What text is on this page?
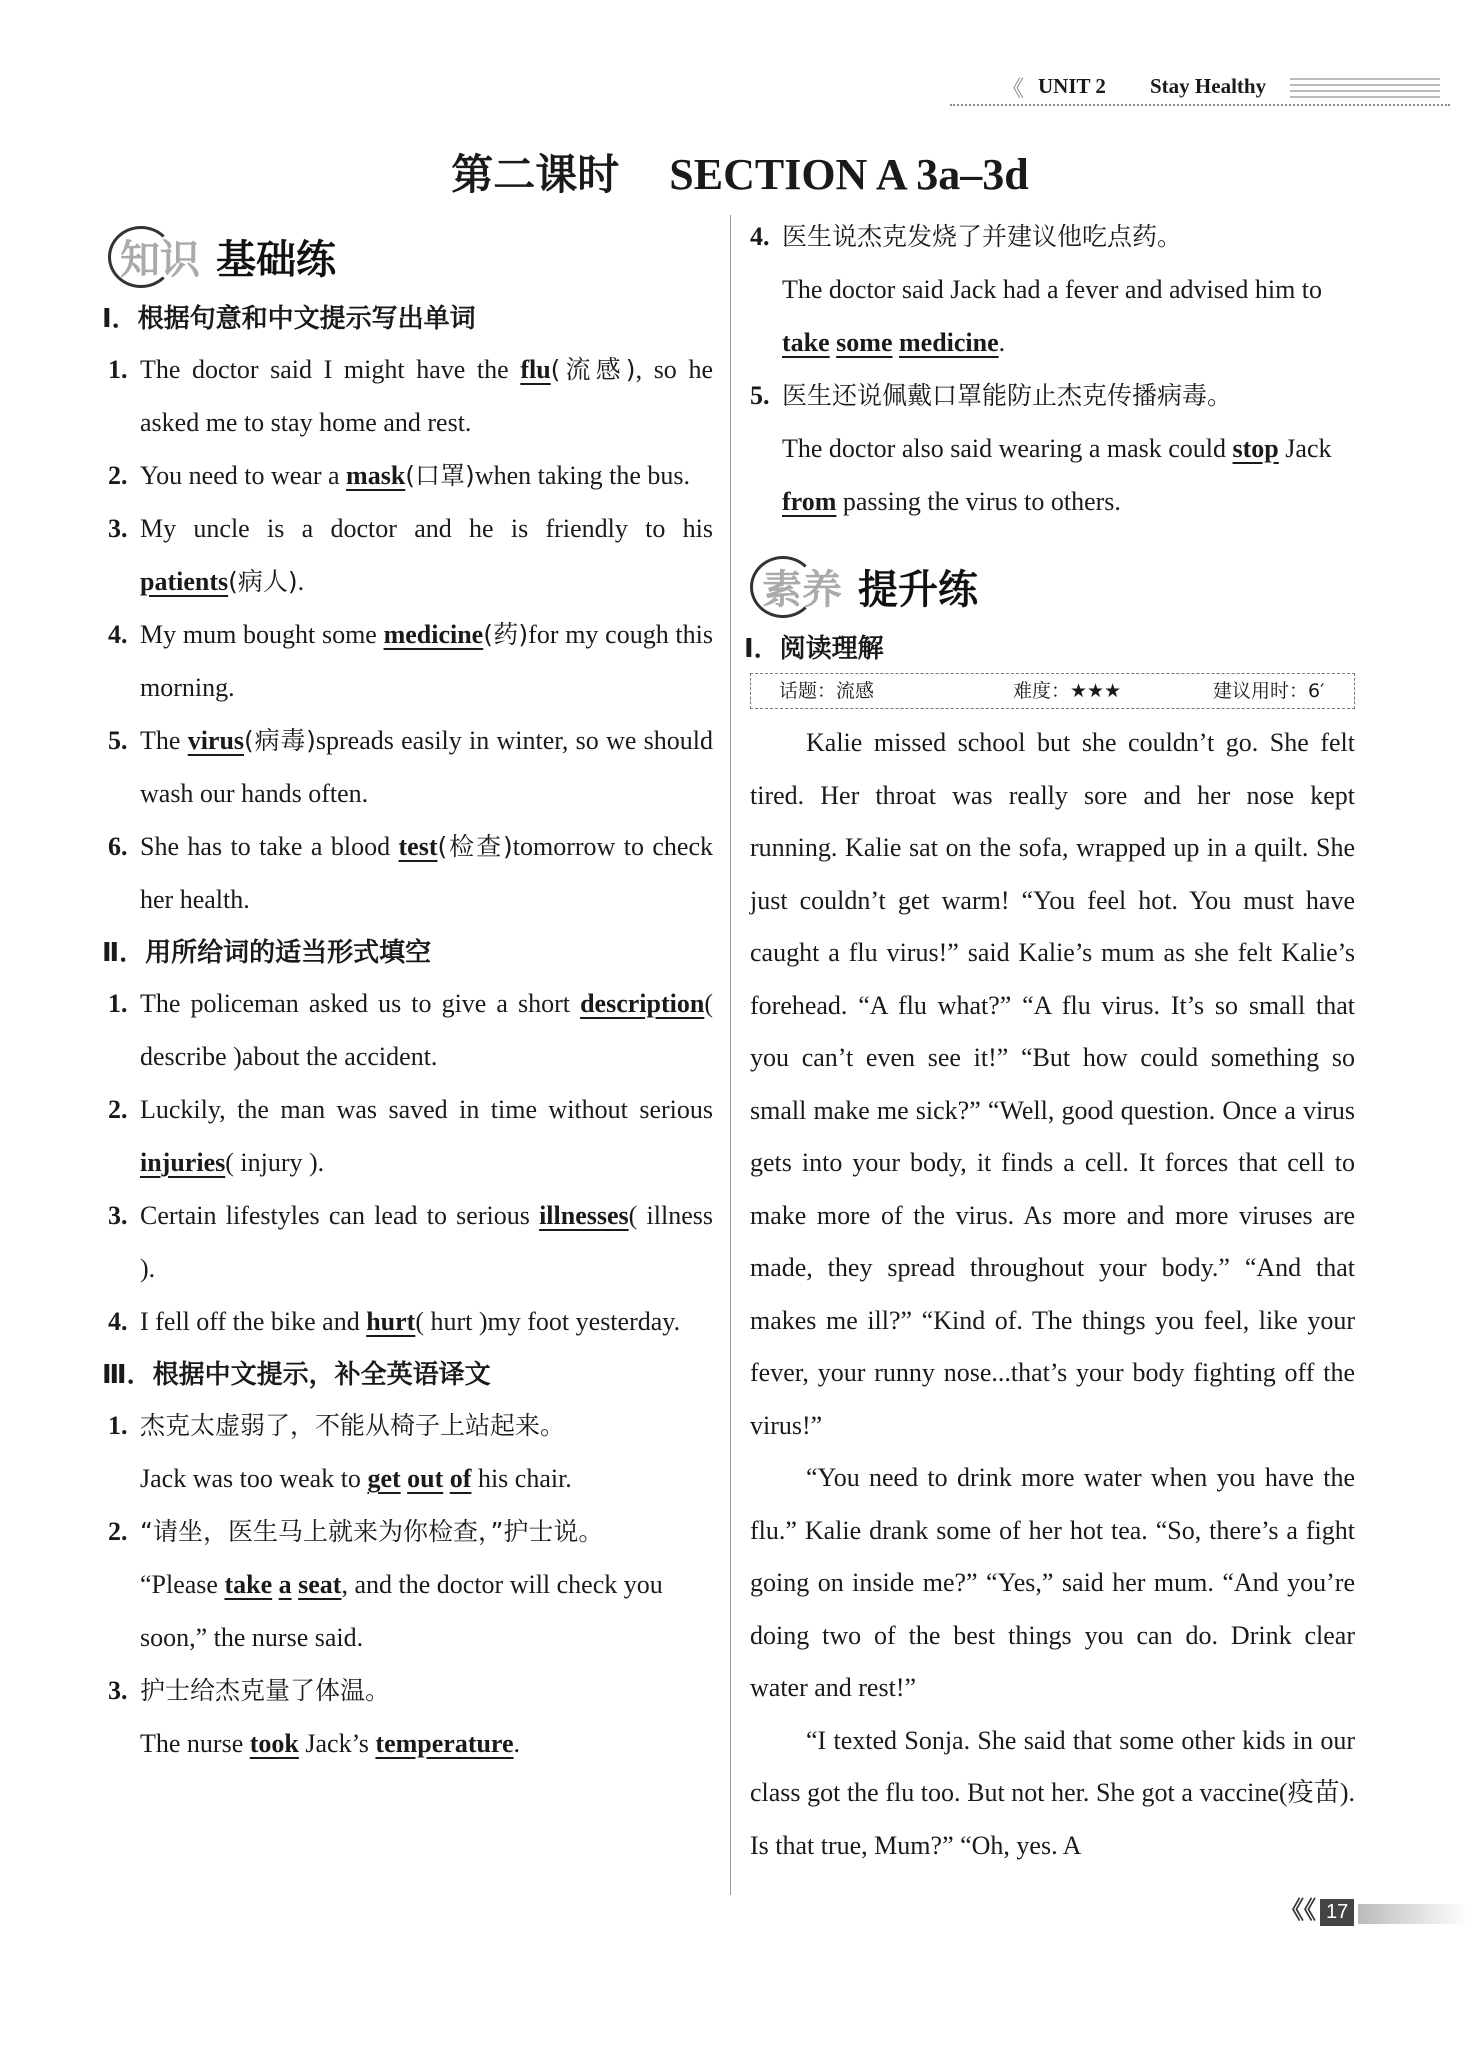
《 UNIT 2 Stay Healthy
第二课时 SECTION A 3a–3d
知识 基础练
Ⅰ．根据句意和中文提示写出单词
1. The doctor said I might have the flu(流感), so he asked me to stay home and rest.
2. You need to wear a mask(口罩)when taking the bus.
3. My uncle is a doctor and he is friendly to his patients(病人).
4. My mum bought some medicine(药)for my cough this morning.
5. The virus(病毒)spreads easily in winter, so we should wash our hands often.
6. She has to take a blood test(检查)tomorrow to check her health.
Ⅱ．用所给词的适当形式填空
1. The policeman asked us to give a short description( describe )about the accident.
2. Luckily, the man was saved in time without serious injuries( injury ).
3. Certain lifestyles can lead to serious illnesses( illness ).
4. I fell off the bike and hurt( hurt )my foot yesterday.
Ⅲ．根据中文提示，补全英语译文
1. 杰克太虚弱了，不能从椅子上站起来。
Jack was too weak to get out of his chair.
2. “请坐，医生马上就来为你检查，”护士说。
“Please take a seat, and the doctor will check you soon,” the nurse said.
3. 护士给杰克量了体温。
The nurse took Jack’s temperature.
4. 医生说杰克发烧了并建议他吃点药。
The doctor said Jack had a fever and advised him to take some medicine.
5. 医生还说佩戴口罩能防止杰克传播病毒。
The doctor also said wearing a mask could stop Jack from passing the virus to others.
素养 提升练
Ⅰ．阅读理解
话题：流感	难度：★★★	建议用时：6′

Kalie missed school but she couldn’t go. She felt tired. Her throat was really sore and her nose kept running. Kalie sat on the sofa, wrapped up in a quilt. She just couldn’t get warm! “You feel hot. You must have caught a flu virus!” said Kalie’s mum as she felt Kalie’s forehead. “A flu what?” “A flu virus. It’s so small that you can’t even see it!” “But how could something so small make me sick?” “Well, good question. Once a virus gets into your body, it finds a cell. It forces that cell to make more of the virus. As more and more viruses are made, they spread throughout your body.” “And that makes me ill?” “Kind of. The things you feel, like your fever, your runny nose...that’s your body fighting off the virus!”

“You need to drink more water when you have the flu.” Kalie drank some of her hot tea. “So, there’s a fight going on inside me?” “Yes,” said her mum. “And you’re doing two of the best things you can do. Drink clear water and rest!”

“I texted Sonja. She said that some other kids in our class got the flu too. But not her. She got a vaccine(疫苗). Is that true, Mum?” “Oh, yes. A

《《 17
